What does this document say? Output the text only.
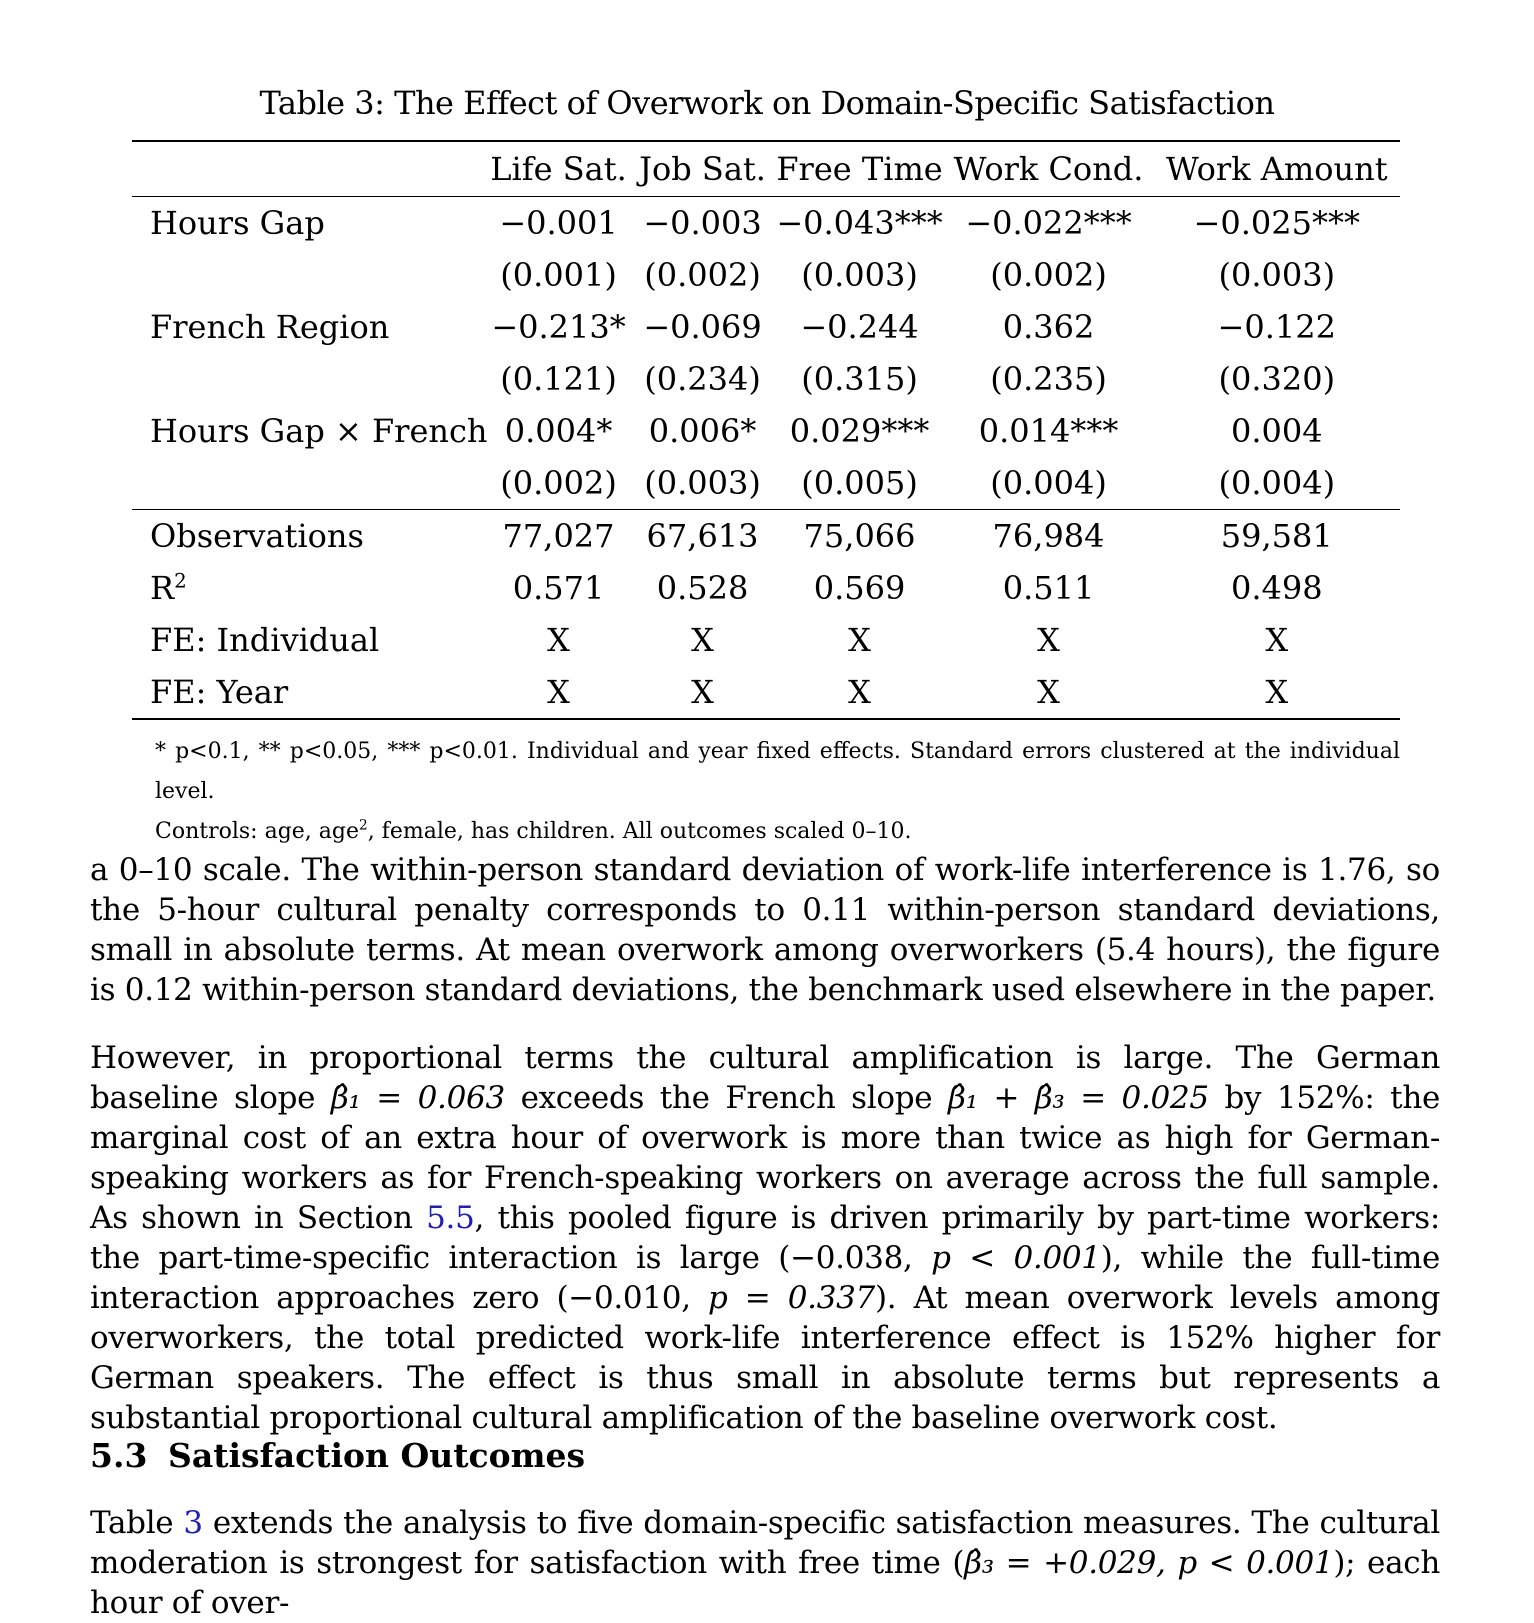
Table 3: The Effect of Overwork on Domain-Specific Satisfaction
	Life Sat.	Job Sat.	Free Time	Work Cond.	Work Amount
Hours Gap	−0.001	−0.003	−0.043***	−0.022***	−0.025***
	(0.001)	(0.002)	(0.003)	(0.002)	(0.003)
French Region	−0.213*	−0.069	−0.244	0.362	−0.122
	(0.121)	(0.234)	(0.315)	(0.235)	(0.320)
Hours Gap × French	0.004*	0.006*	0.029***	0.014***	0.004
	(0.002)	(0.003)	(0.005)	(0.004)	(0.004)
Observations	77,027	67,613	75,066	76,984	59,581
$R^2$	0.571	0.528	0.569	0.511	0.498
FE: Individual	X	X	X	X	X
FE: Year	X	X	X	X	X
* p<0.1, ** p<0.05, *** p<0.01. Individual and year fixed effects. Standard errors clustered at the individual level.
Controls: age, age$^2$, female, has children. All outcomes scaled 0–10.
a 0–10 scale. The within-person standard deviation of work-life interference is 1.76, so the 5-hour cultural penalty corresponds to 0.11 within-person standard deviations, small in absolute terms. At mean overwork among overworkers (5.4 hours), the figure is 0.12 within-person standard deviations, the benchmark used elsewhere in the paper.
However, in proportional terms the cultural amplification is large. The German baseline slope β̂₁ = 0.063 exceeds the French slope β̂₁ + β̂₃ = 0.025 by 152%: the marginal cost of an extra hour of overwork is more than twice as high for German-speaking workers as for French-speaking workers on average across the full sample. As shown in Section 5.5, this pooled figure is driven primarily by part-time workers: the part-time-specific interaction is large (−0.038, p < 0.001), while the full-time interaction approaches zero (−0.010, p = 0.337). At mean overwork levels among overworkers, the total predicted work-life interference effect is 152% higher for German speakers. The effect is thus small in absolute terms but represents a substantial proportional cultural amplification of the baseline overwork cost.
5.3 Satisfaction Outcomes
Table 3 extends the analysis to five domain-specific satisfaction measures. The cultural moderation is strongest for satisfaction with free time (β̂₃ = +0.029, p < 0.001); each hour of over-
